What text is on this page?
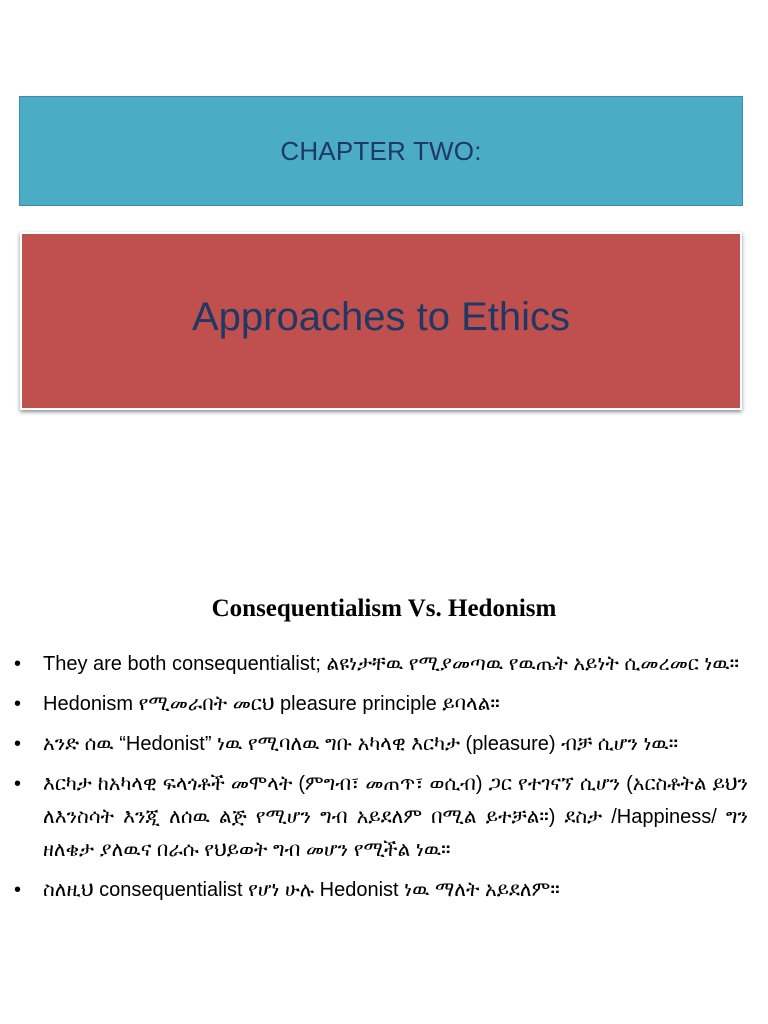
CHAPTER TWO:
Approaches to Ethics
Consequentialism Vs. Hedonism
• They are both consequentialist; ልዩነታቸዉ የሚያመጣዉ የዉጤት አይነት ሲመረመር ነዉ።
• Hedonism የሚመራበት መርህ pleasure principle ይባላል።
• አንድ ሰዉ “Hedonist” ነዉ የሚባለዉ ግቡ አካላዊ እርካታ (pleasure) ብቻ ሲሆን ነዉ።
• እርካታ ከአካላዊ ፍላጎቶች መሞላት (ምግብ፣ መጠጥ፣ ወሲብ) ጋር የተገናኘ ሲሆን (አርስቶትል ይህን ለእንስሳት እንጂ ለሰዉ ልጅ የሚሆን ግብ አይደለም በሚል ይተቻል።) ደስታ /Happiness/ ግን ዘለቄታ ያለዉና በራሱ የህይወት ግብ መሆን የሚችል ነዉ።
• ስለዚህ consequentialist የሆነ ሁሉ Hedonist ነዉ ማለት አይደለም።
